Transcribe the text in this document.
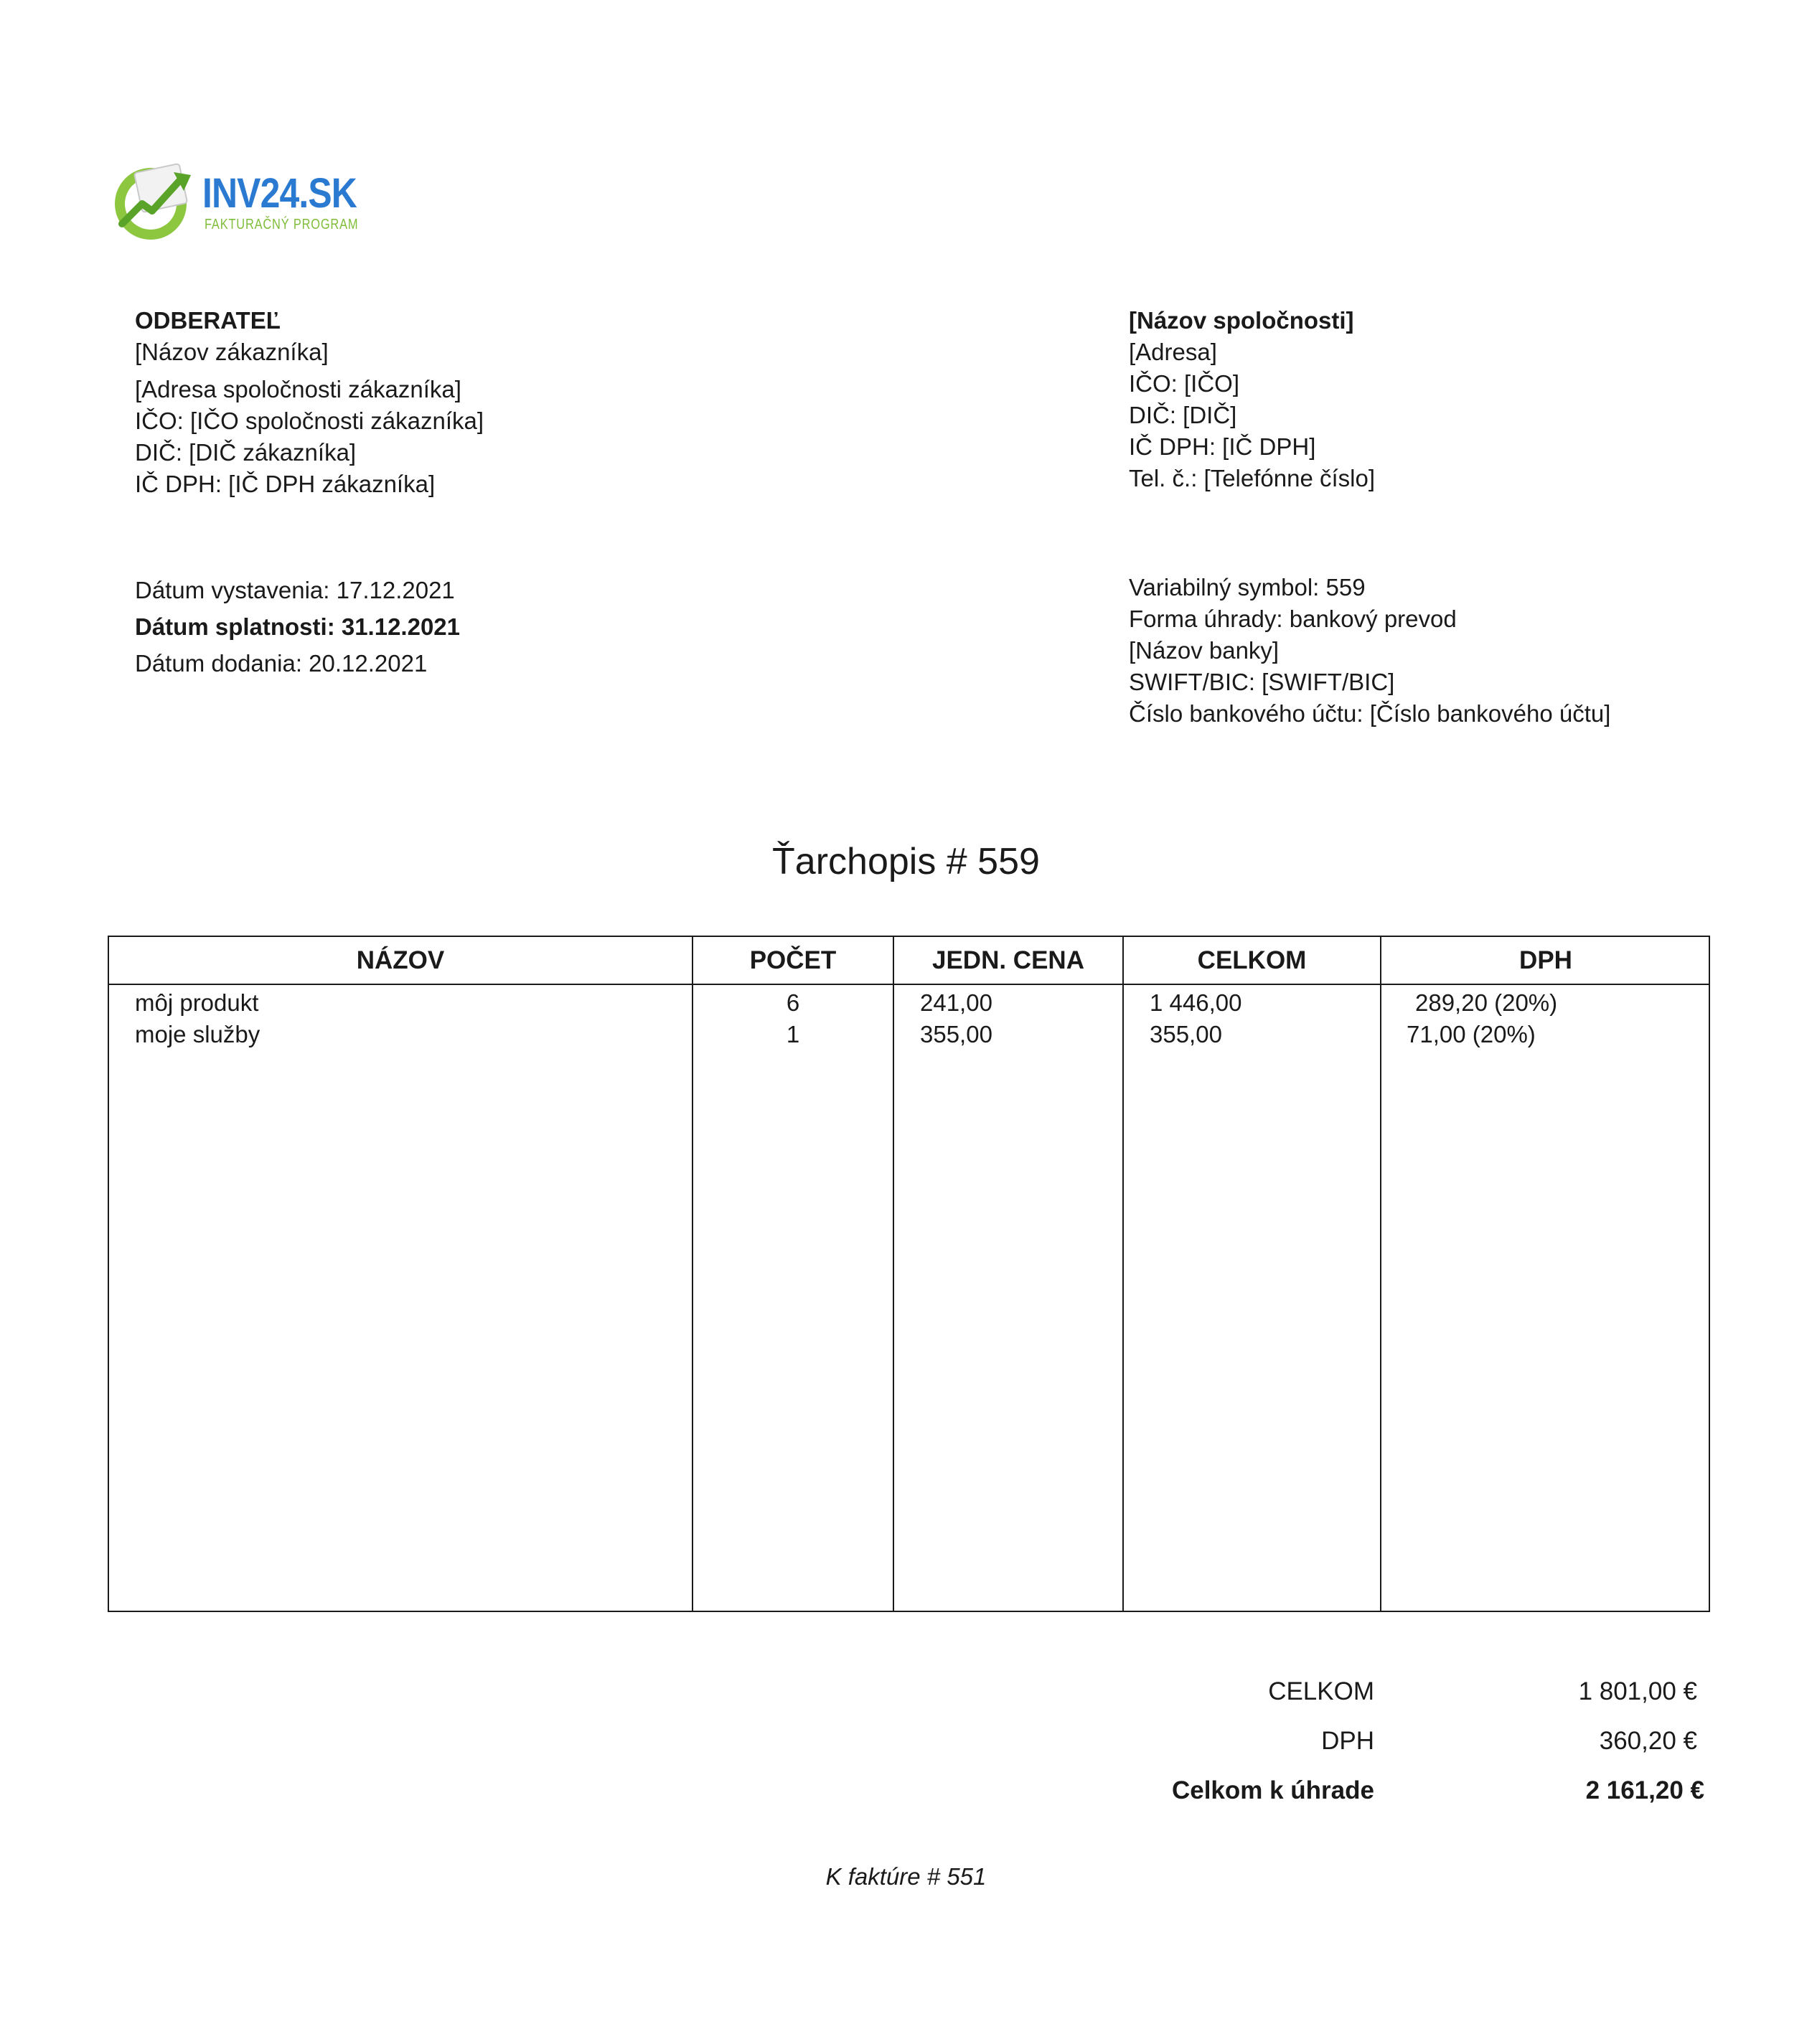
INV24.SK
FAKTURAČNÝ PROGRAM
ODBERATEĽ
[Názov zákazníka]
[Adresa spoločnosti zákazníka]
IČO: [IČO spoločnosti zákazníka]
DIČ: [DIČ zákazníka]
IČ DPH: [IČ DPH zákazníka]
[Názov spoločnosti]
[Adresa]
IČO: [IČO]
DIČ: [DIČ]
IČ DPH: [IČ DPH]
Tel. č.: [Telefónne číslo]
Dátum vystavenia: 17.12.2021
Dátum splatnosti: 31.12.2021
Dátum dodania: 20.12.2021
Variabilný symbol: 559
Forma úhrady: bankový prevod
[Názov banky]
SWIFT/BIC: [SWIFT/BIC]
Číslo bankového účtu: [Číslo bankového účtu]
Ťarchopis # 559
NÁZOV	POČET	JEDN. CENA	CELKOM	DPH
môj produkt	6	241,00	1 446,00	289,20 (20%)
moje služby	1	355,00	355,00	71,00 (20%)
CELKOM	1 801,00 €
DPH	360,20 €
Celkom k úhrade	2 161,20 €
K faktúre # 551
